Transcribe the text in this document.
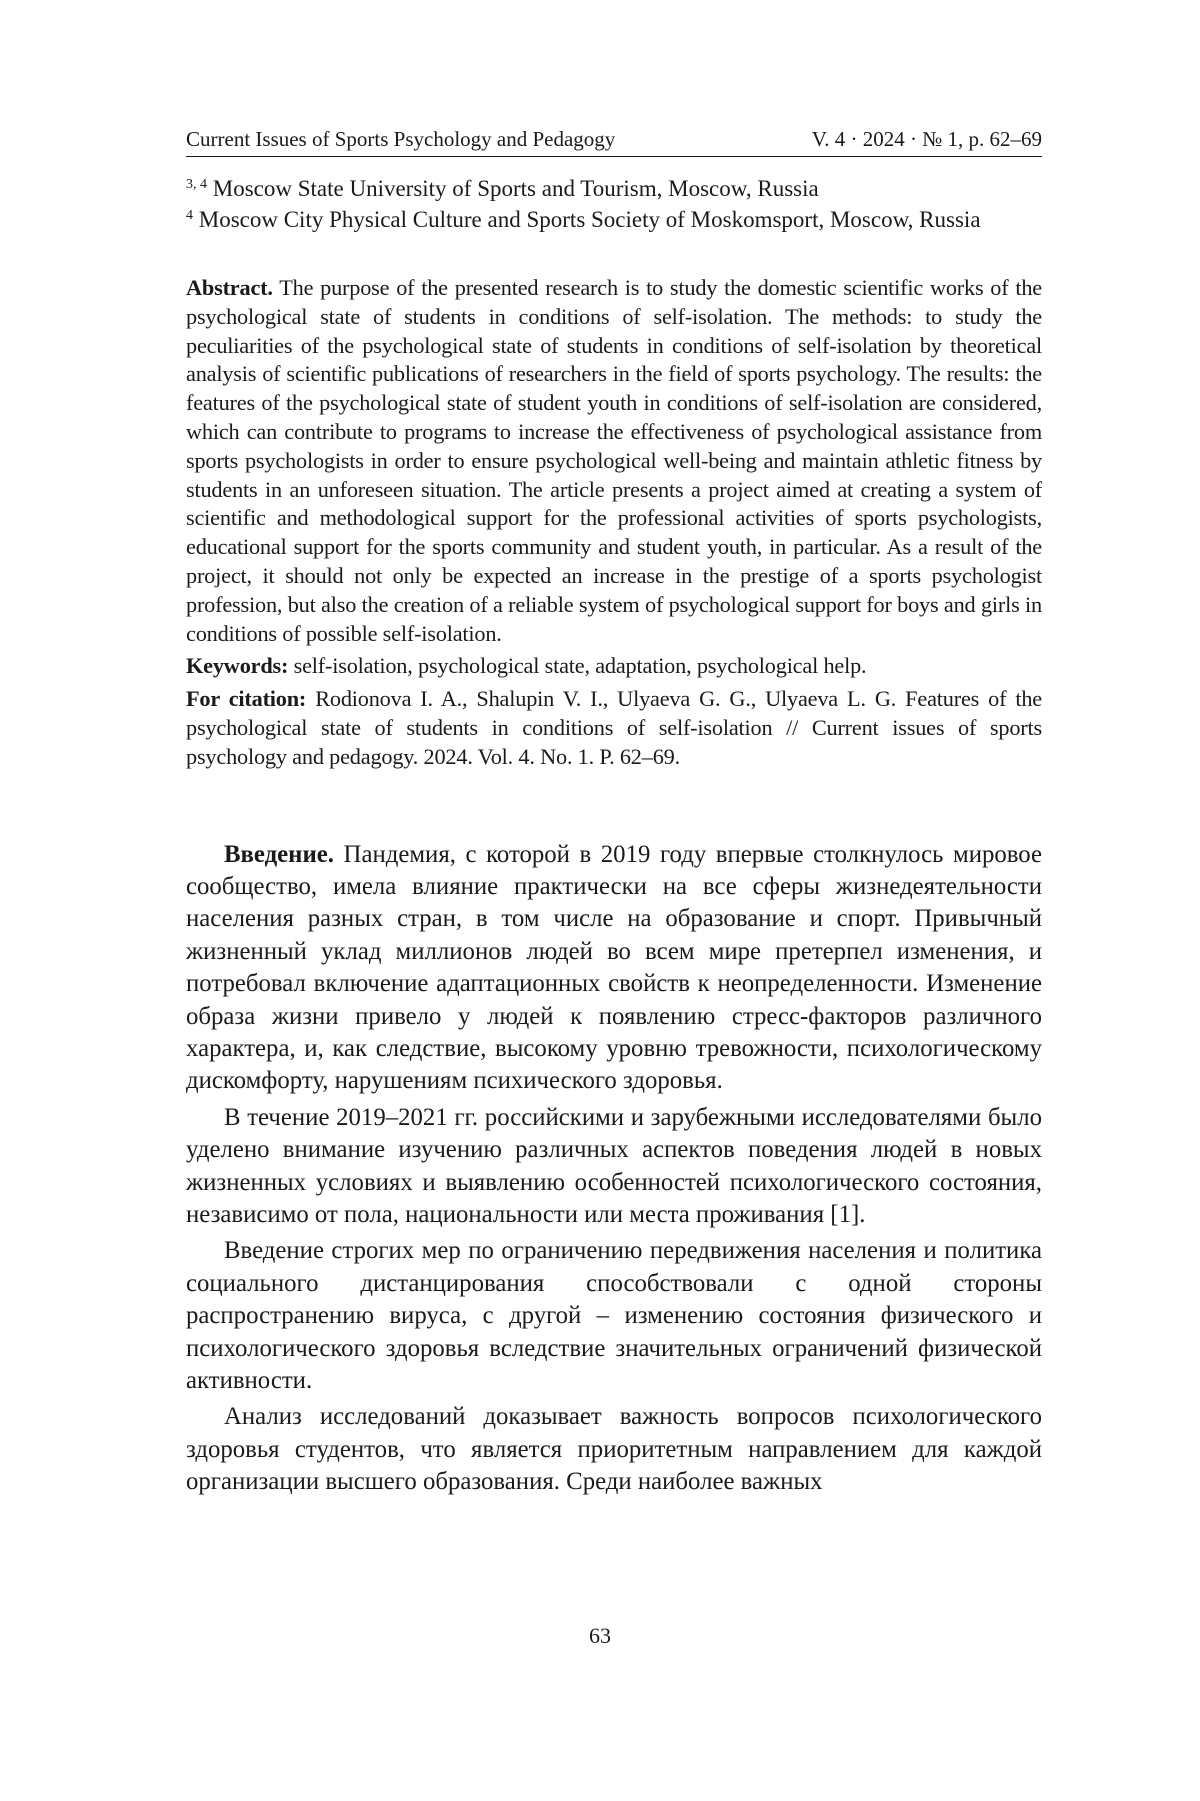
Current Issues of Sports Psychology and Pedagogy	V. 4 · 2024 · № 1, p. 62–69

$^{3, 4}$ Moscow State University of Sports and Tourism, Moscow, Russia

$^4$ Moscow City Physical Culture and Sports Society of Moskomsport, Moscow, Russia

Abstract. The purpose of the presented research is to study the domestic scientific works of the psychological state of students in conditions of self-isolation. The methods: to study the peculiarities of the psychological state of students in conditions of self-isolation by theoretical analysis of scientific publications of researchers in the field of sports psychology. The results: the features of the psychological state of student youth in conditions of self-isolation are considered, which can contribute to programs to increase the effectiveness of psychological assistance from sports psychologists in order to ensure psychological well-being and maintain athletic fitness by students in an unforeseen situation. The article presents a project aimed at creating a system of scientific and methodological support for the professional activities of sports psychologists, educational support for the sports community and student youth, in particular. As a result of the project, it should not only be expected an increase in the prestige of a sports psychologist profession, but also the creation of a reliable system of psychological support for boys and girls in conditions of possible self-isolation.

Keywords: self-isolation, psychological state, adaptation, psychological help.

For citation: Rodionova I. A., Shalupin V. I., Ulyaeva G. G., Ulyaeva L. G. Features of the psychological state of students in conditions of self-isolation // Current issues of sports psychology and pedagogy. 2024. Vol. 4. No. 1. P. 62–69.

Введение. Пандемия, с которой в 2019 году впервые столкнулось мировое сообщество, имела влияние практически на все сферы жизнедеятельности населения разных стран, в том числе на образование и спорт. Привычный жизненный уклад миллионов людей во всем мире претерпел изменения, и потребовал включение адаптационных свойств к неопределенности. Изменение образа жизни привело у людей к появлению стресс-факторов различного характера, и, как следствие, высокому уровню тревожности, психологическому дискомфорту, нарушениям психического здоровья.

В течение 2019–2021 гг. российскими и зарубежными исследователями было уделено внимание изучению различных аспектов поведения людей в новых жизненных условиях и выявлению особенностей психологического состояния, независимо от пола, национальности или места проживания [1].

Введение строгих мер по ограничению передвижения населения и политика социального дистанцирования способствовали с одной стороны распространению вируса, с другой – изменению состояния физического и психологического здоровья вследствие значительных ограничений физической активности.

Анализ исследований доказывает важность вопросов психологического здоровья студентов, что является приоритетным направлением для каждой организации высшего образования. Среди наиболее важных

63
